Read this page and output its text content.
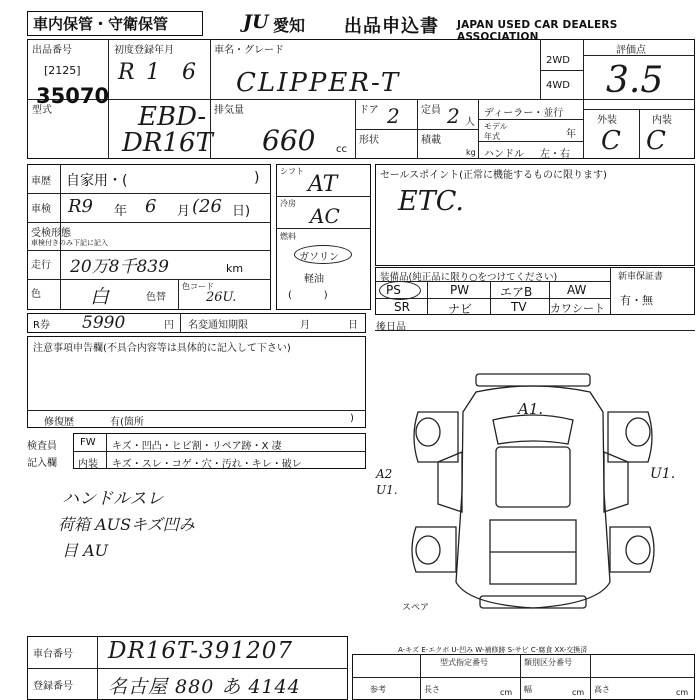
車内保管・守衛保管	JU 愛知 出品申込書 JAPAN USED CAR DEALERS ASSOCIATION
出品番号
[2125]
35070
初度登録年月
R 1 6
車名・グレード
CLIPPER-T
2WD
4WD
評価点
3.5
型式	EBD-
DR16T
排気量
660 cc
ドア 2 定員 2 人
形状	積載
kg
ディーラー・並行
モデル年式	年
ハンドル 左・右
外装	内装
C C
車歴 自家用・(	)
車検 R9 年 6 月 (26 日)
受検形態
車検付きのみ下記に記入
走行 20万8千839	km
色	白	色替
色コード
26U.
R券 5990	円 名変通知期限	月	日
シフト
AT
冷房
AC
燃料
ガソリン
軽油
(          )
セールスポイント(正常に機能するものに限ります)
ETC.
装備品(純正品に限り○をつけてください)	新車保証書
有・無
PS	PW	エアB	AW
SR	ナビ	TV カワシート
後日品
注意事項申告欄(不具合内容等は具体的に記入して下さい)
修復歴	有(箇所	)
検査員
記入欄
FW キズ・凹凸・ヒビ割・リペア跡・X 凄
内装 キズ・スレ・コゲ・穴・汚れ・キレ・破レ
ハンドルスレ
荷箱 AUSキズ凹み
目 AU
A1.
A2 U1.
U1.
スペア
A-キズ E-エクボ U-凹み W-補修跡 S-サビ C-腐食 XX-交換済
車台番号 DR16T-391207
登録番号 名古屋 880 あ 4144
型式指定番号	類別区分番号
参考	長さ	cm 幅	cm 高さ	cm
